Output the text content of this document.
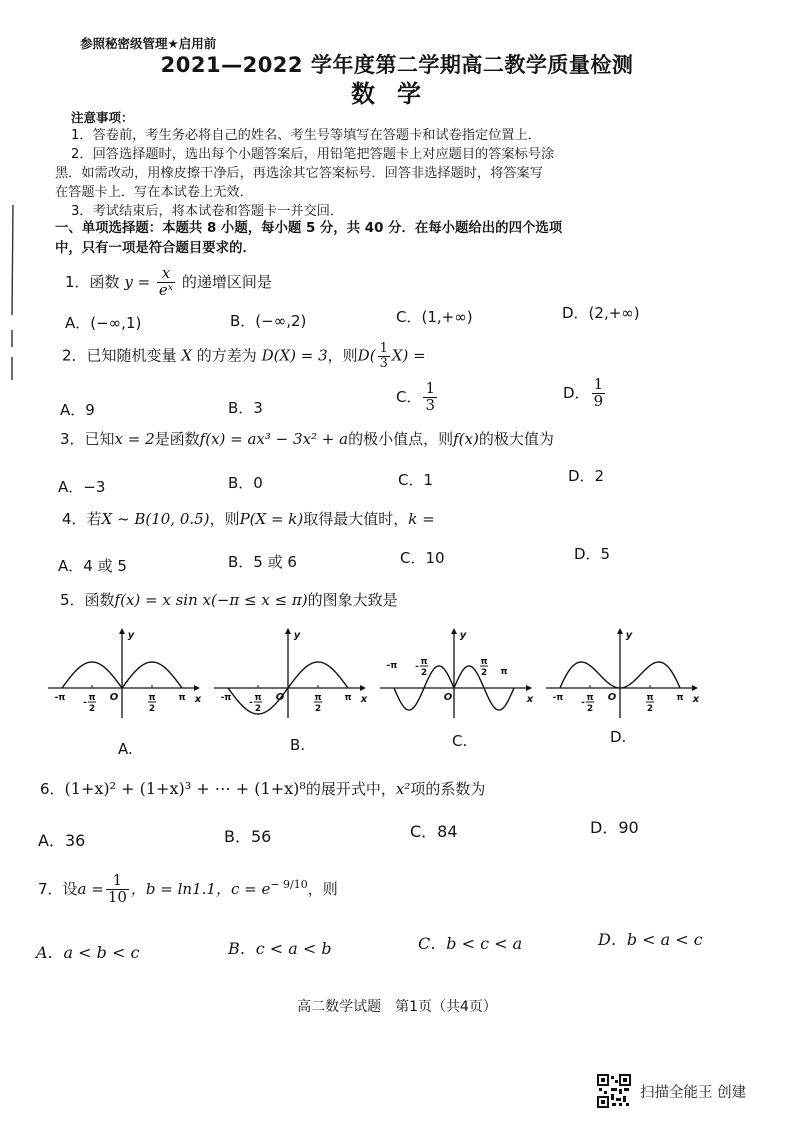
参照秘密级管理★启用前
2021—2022 学年度第二学期高二教学质量检测
数学
注意事项：
1．答卷前，考生务必将自己的姓名、考生号等填写在答题卡和试卷指定位置上．
2．回答选择题时，选出每个小题答案后，用铅笔把答题卡上对应题目的答案标号涂
黑．如需改动，用橡皮擦干净后，再选涂其它答案标号．回答非选择题时，将答案写
在答题卡上．写在本试卷上无效．
3．考试结束后，将本试卷和答题卡一并交回．
一、单项选择题：本题共 8 小题，每小题 5 分，共 40 分．在每小题给出的四个选项
中，只有一项是符合题目要求的．
1．函数 $y = \frac{x}{\text{eˣ}}$ 的递增区间是
A．(−∞,1)	B．(−∞,2)	C．(1,+∞)	D．(2,+∞)
2．已知随机变量 X 的方差为 D(X) = 3，则$D( \frac{1}{3} X)$ =
A．9	B．3
C． $\frac{1}{3}$	D． $\frac{1}{9}$
3．已知x = 2是函数f(x) = ax³ − 3x² + a的极小值点，则f(x)的极大值为
A．−3	B．0	C．1	D．2
4．若X ~ B(10, 0.5)，则P(X = k)取得最大值时，k =
A．4 或 5	B．5 或 6	C．10	D．5
5．函数f(x) = x sin x(−π ≤ x ≤ π)的图象大致是
y
x
-π - π
2
π
2
π
O
y
x
-π - π
2
π
2
π
O
y
x
-π - π
2
π
2 π
O
y
x
-π - π
2
π
2
π
O
A.	B.	C.	D.
6．(1+x)² + (1+x)³ + ⋯ + (1+x)⁸的展开式中，x²项的系数为
A．36	B．56	C．84	D．90
7．设$a = \frac{1}{10}$ ，b = ln1.1，$c = e^{- 9/10}$，则
A．a < b < c	B．c < a < b	C．b < c < a	D．b < a < c
高二数学试题　第1页（共4页）
扫描全能王 创建
